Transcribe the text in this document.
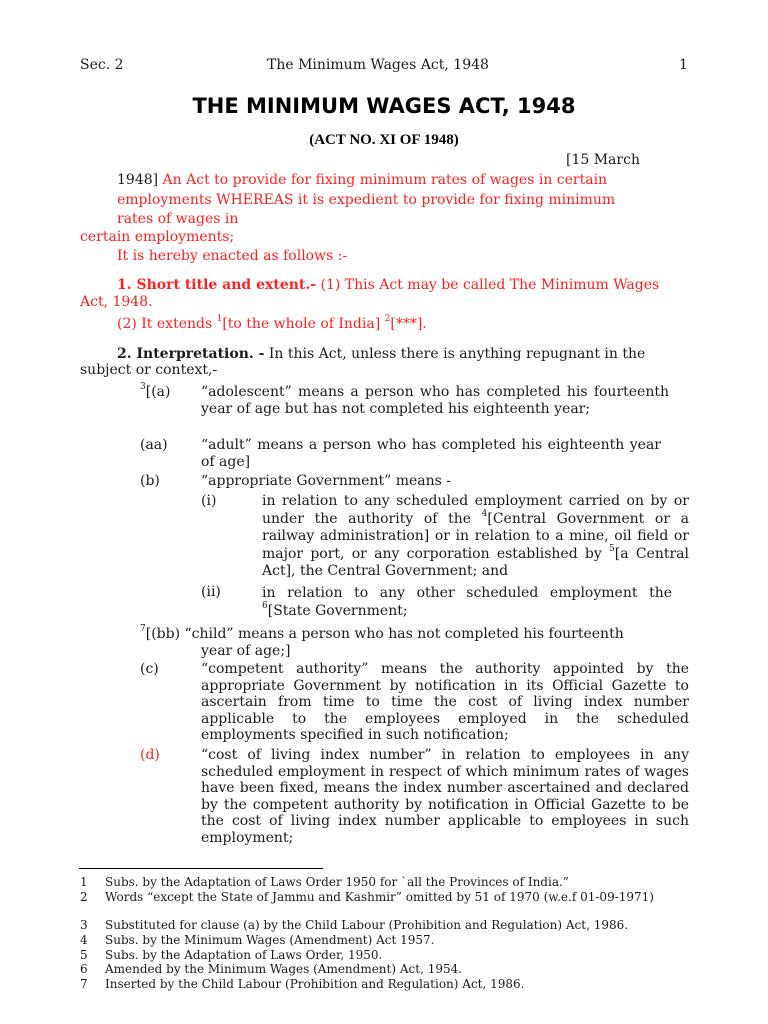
Sec. 2	The Minimum Wages Act, 1948	1
THE MINIMUM WAGES ACT, 1948
(ACT NO. XI OF 1948)
[15 March
1948] An Act to provide for fixing minimum rates of wages in certain
employments WHEREAS it is expedient to provide for fixing minimum
rates of wages in
certain employments;
It is hereby enacted as follows :-
1. Short title and extent.- (1) This Act may be called The Minimum Wages
Act, 1948.
(2) It extends $^1$[to the whole of India] $^2$[***].
2. Interpretation. - In this Act, unless there is anything repugnant in the
subject or context,-
$^3$[(a) “adolescent” means a person who has completed his fourteenth year of age but has not completed his eighteenth year;
(aa) “adult” means a person who has completed his eighteenth year of age]
(b)	“appropriate Government” means -
(i)	in relation to any scheduled employment carried on by or under the authority of the $^4$[Central Government or a railway administration] or in relation to a mine, oil field or major port, or any corporation established by $^5$[a Central Act], the Central Government; and
(ii)	in relation to any other scheduled employment the $^6$[State Government;
$^7$[(bb) “child” means a person who has not completed his fourteenth
year of age;]
(c)	“competent authority” means the authority appointed by the appropriate Government by notification in its Official Gazette to ascertain from time to time the cost of living index number applicable to the employees employed in the scheduled employments specified in such notification;
(d)	“cost of living index number” in relation to employees in any scheduled employment in respect of which minimum rates of wages have been fixed, means the index number ascertained and declared by the competent authority by notification in Official Gazette to be the cost of living index number applicable to employees in such employment;
1	Subs. by the Adaptation of Laws Order 1950 for `all the Provinces of India.”
2	Words “except the State of Jammu and Kashmir” omitted by 51 of 1970 (w.e.f 01-09-1971)
3	Substituted for clause (a) by the Child Labour (Prohibition and Regulation) Act, 1986.
4	Subs. by the Minimum Wages (Amendment) Act 1957.
5	Subs. by the Adaptation of Laws Order, 1950.
6	Amended by the Minimum Wages (Amendment) Act, 1954.
7	Inserted by the Child Labour (Prohibition and Regulation) Act, 1986.
